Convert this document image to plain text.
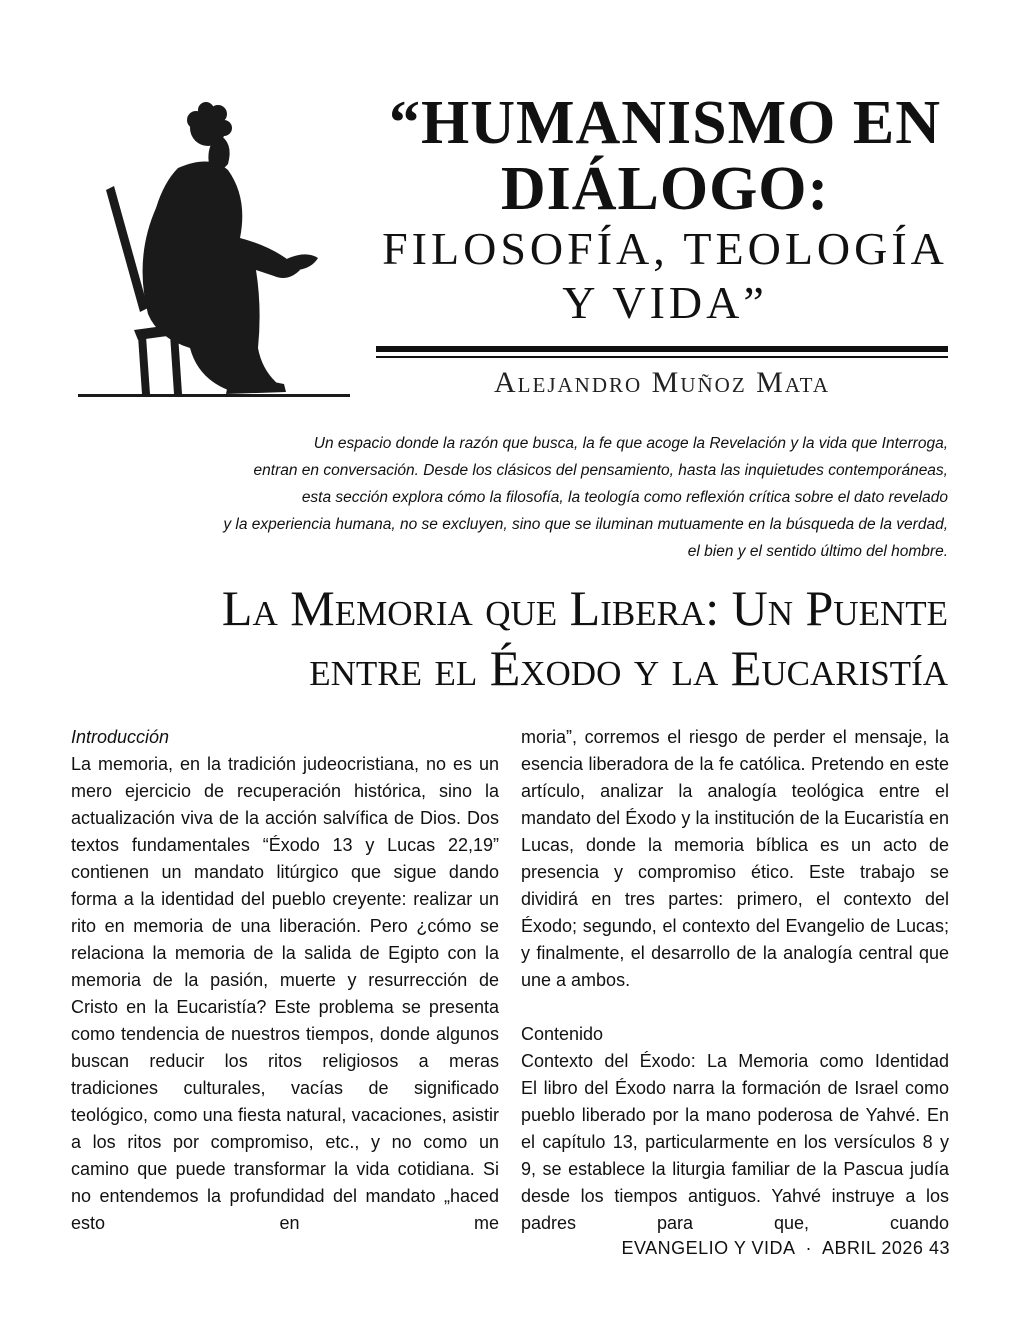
“HUMANISMO EN
DIÁLOGO:
FILOSOFÍA, TEOLOGÍA
Y VIDA”
Alejandro Muñoz Mata
Un espacio donde la razón que busca, la fe que acoge la Revelación y la vida que Interroga,
entran en conversación. Desde los clásicos del pensamiento, hasta las inquietudes contemporáneas,
esta sección explora cómo la filosofía, la teología como reflexión crítica sobre el dato revelado
y la experiencia humana, no se excluyen, sino que se iluminan mutuamente en la búsqueda de la verdad,
el bien y el sentido último del hombre.
La Memoria que Libera: Un Puente
entre el Éxodo y la Eucaristía

Introducción

La memoria, en la tradición judeocristiana, no es un mero ejercicio de recuperación histórica, sino la actualización viva de la acción salvífica de Dios. Dos textos fundamentales “Éxodo 13 y Lucas 22,19” contienen un mandato litúrgico que sigue dando forma a la identidad del pueblo creyente: realizar un rito en memoria de una liberación. Pero ¿cómo se relaciona la memoria de la salida de Egipto con la memoria de la pasión, muerte y resurrección de Cristo en la Eucaristía? Este problema se presenta como tendencia de nuestros tiempos, donde algunos buscan reducir los ritos religiosos a meras tradiciones culturales, vacías de significado teológico, como una fiesta natural, vacaciones, asistir a los ritos por compromiso, etc., y no como un camino que puede transformar la vida cotidiana. Si no entendemos la profundidad del mandato „haced esto en me

moria”, corremos el riesgo de perder el mensaje, la esencia liberadora de la fe católica. Pretendo en este artículo, analizar la analogía teológica entre el mandato del Éxodo y la institución de la Eucaristía en Lucas, donde la memoria bíblica es un acto de presencia y compromiso ético. Este trabajo se dividirá en tres partes: primero, el contexto del Éxodo; segundo, el contexto del Evangelio de Lucas; y finalmente, el desarrollo de la analogía central que une a ambos.

Contenido

Contexto del Éxodo: La Memoria como Identidad

El libro del Éxodo narra la formación de Israel como pueblo liberado por la mano poderosa de Yahvé. En el capítulo 13, particularmente en los versículos 8 y 9, se establece la liturgia familiar de la Pascua judía desde los tiempos antiguos. Yahvé instruye a los padres para que, cuando

EVANGELIO Y VIDA · ABRIL 2026 43
